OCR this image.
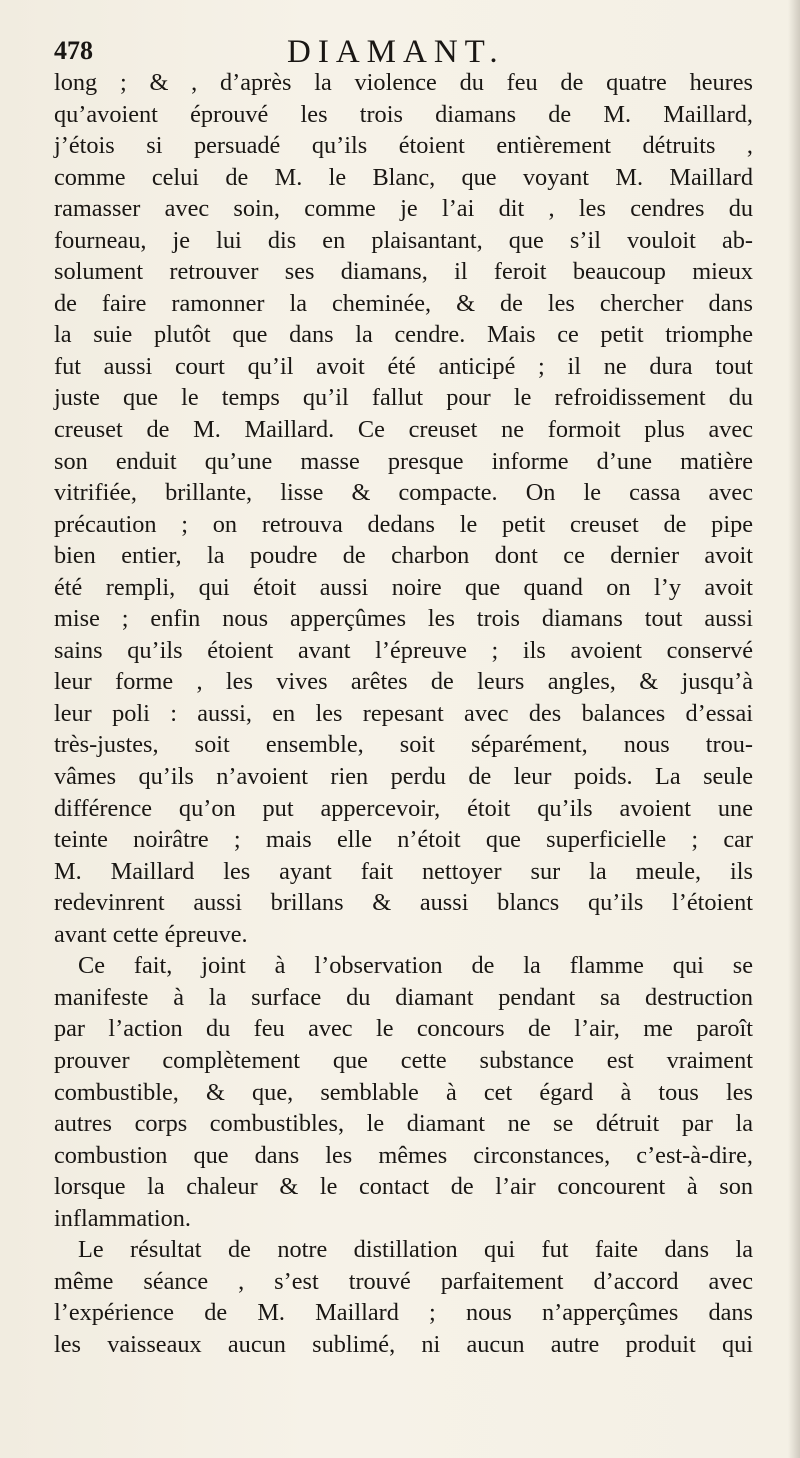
478	DIAMANT.
long ; & , d’après la violence du feu de quatre heures
qu’avoient éprouvé les trois diamans de M. Maillard,
j’étois si persuadé qu’ils étoient entièrement détruits ,
comme celui de M. le Blanc, que voyant M. Maillard
ramasser avec soin, comme je l’ai dit , les cendres du
fourneau, je lui dis en plaisantant, que s’il vouloit ab-
solument retrouver ses diamans, il feroit beaucoup mieux
de faire ramonner la cheminée, & de les chercher dans
la suie plutôt que dans la cendre. Mais ce petit triomphe
fut aussi court qu’il avoit été anticipé ; il ne dura tout
juste que le temps qu’il fallut pour le refroidissement du
creuset de M. Maillard. Ce creuset ne formoit plus avec
son enduit qu’une masse presque informe d’une matière
vitrifiée, brillante, lisse & compacte. On le cassa avec
précaution ; on retrouva dedans le petit creuset de pipe
bien entier, la poudre de charbon dont ce dernier avoit
été rempli, qui étoit aussi noire que quand on l’y avoit
mise ; enfin nous apperçûmes les trois diamans tout aussi
sains qu’ils étoient avant l’épreuve ; ils avoient conservé
leur forme , les vives arêtes de leurs angles, & jusqu’à
leur poli : aussi, en les repesant avec des balances d’essai
très-justes, soit ensemble, soit séparément, nous trou-
vâmes qu’ils n’avoient rien perdu de leur poids. La seule
différence qu’on put appercevoir, étoit qu’ils avoient une
teinte noirâtre ; mais elle n’étoit que superficielle ; car
M. Maillard les ayant fait nettoyer sur la meule, ils
redevinrent aussi brillans & aussi blancs qu’ils l’étoient
avant cette épreuve.
Ce fait, joint à l’observation de la flamme qui se
manifeste à la surface du diamant pendant sa destruction
par l’action du feu avec le concours de l’air, me paroît
prouver complètement que cette substance est vraiment
combustible, & que, semblable à cet égard à tous les
autres corps combustibles, le diamant ne se détruit par la
combustion que dans les mêmes circonstances, c’est-à-dire,
lorsque la chaleur & le contact de l’air concourent à son
inflammation.
Le résultat de notre distillation qui fut faite dans la
même séance , s’est trouvé parfaitement d’accord avec
l’expérience de M. Maillard ; nous n’apperçûmes dans
les vaisseaux aucun sublimé, ni aucun autre produit qui
